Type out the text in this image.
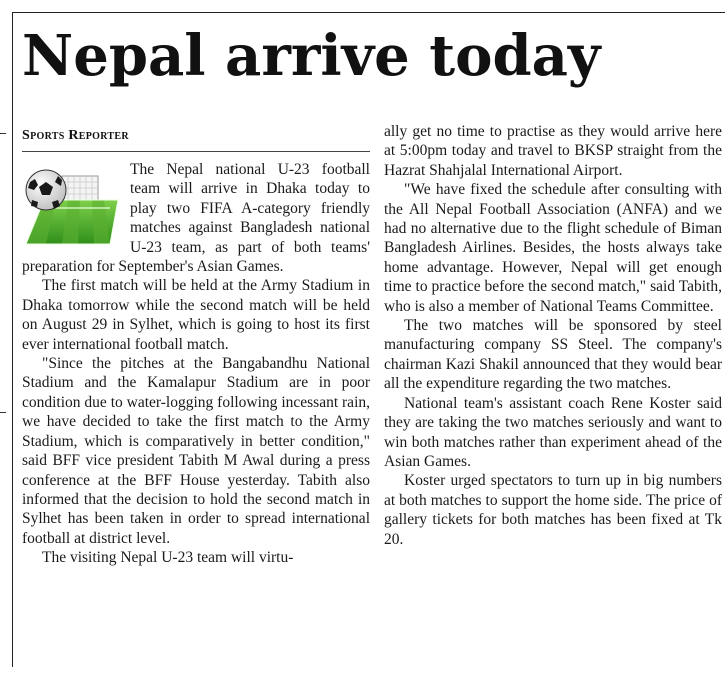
Nepal arrive today
Sports Reporter

The Nepal national U-23 football team will arrive in Dhaka today to play two FIFA A-category friendly matches against Bangladesh national U-23 team, as part of both teams' preparation for September's Asian Games.

The first match will be held at the Army Stadium in Dhaka tomorrow while the second match will be held on August 29 in Sylhet, which is going to host its first ever international football match.

"Since the pitches at the Bangabandhu National Stadium and the Kamalapur Stadium are in poor condition due to water-logging following incessant rain, we have decided to take the first match to the Army Stadium, which is comparatively in better condition," said BFF vice president Tabith M Awal during a press conference at the BFF House yesterday. Tabith also informed that the decision to hold the second match in Sylhet has been taken in order to spread international football at district level.

The visiting Nepal U-23 team will virtu-

ally get no time to practise as they would arrive here at 5:00pm today and travel to BKSP straight from the Hazrat Shahjalal International Airport.

"We have fixed the schedule after consulting with the All Nepal Football Association (ANFA) and we had no alternative due to the flight schedule of Biman Bangladesh Airlines. Besides, the hosts always take home advantage. However, Nepal will get enough time to practice before the second match," said Tabith, who is also a member of National Teams Committee.

The two matches will be sponsored by steel manufacturing company SS Steel. The company's chairman Kazi Shakil announced that they would bear all the expenditure regarding the two matches.

National team's assistant coach Rene Koster said they are taking the two matches seriously and want to win both matches rather than experiment ahead of the Asian Games.

Koster urged spectators to turn up in big numbers at both matches to support the home side. The price of gallery tickets for both matches has been fixed at Tk 20.
